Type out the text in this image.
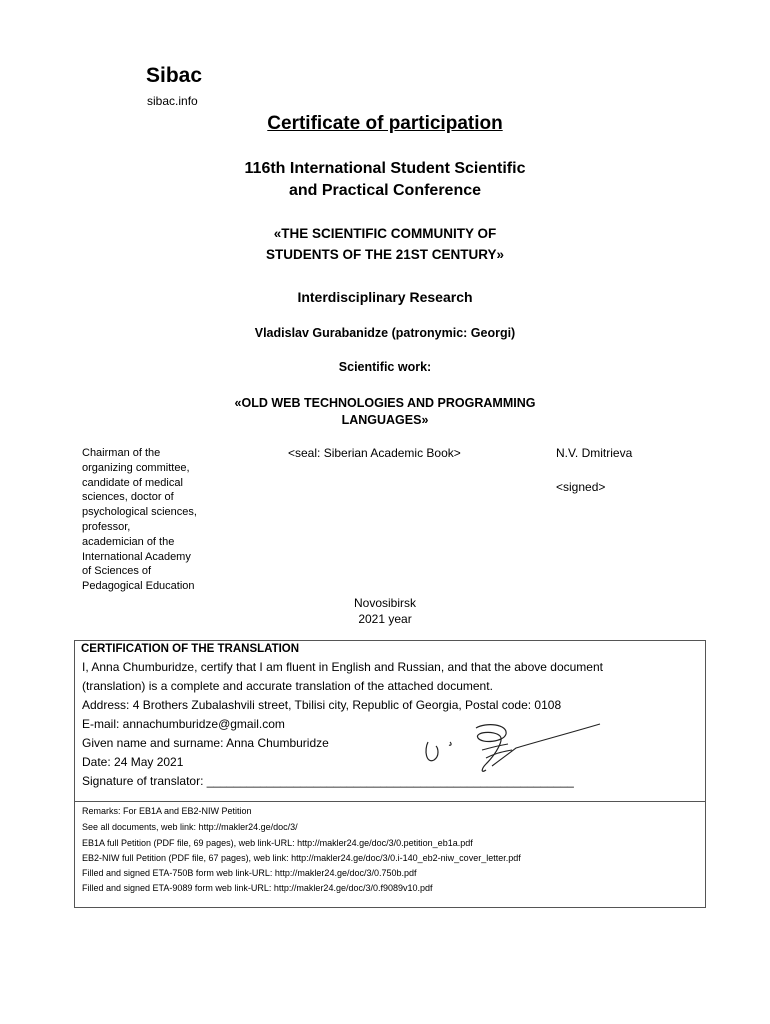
Sibac
sibac.info
Certificate of participation
116th International Student Scientific
and Practical Conference
«THE SCIENTIFIC COMMUNITY OF
STUDENTS OF THE 21ST CENTURY»
Interdisciplinary Research
Vladislav Gurabanidze (patronymic: Georgi)
Scientific work:
«OLD WEB TECHNOLOGIES AND PROGRAMMING
LANGUAGES»
Chairman of the
organizing committee,
candidate of medical
sciences, doctor of
psychological sciences,
professor,
academician of the
International Academy
of Sciences of
Pedagogical Education
<seal: Siberian Academic Book>	N.V. Dmitrieva
<signed>
Novosibirsk
2021 year
CERTIFICATION OF THE TRANSLATION
I, Anna Chumburidze, certify that I am fluent in English and Russian, and that the above document
(translation) is a complete and accurate translation of the attached document.
Address: 4 Brothers Zubalashvili street, Tbilisi city, Republic of Georgia, Postal code: 0108
E-mail: annachumburidze@gmail.com
Given name and surname: Anna Chumburidze
Date: 24 May 2021
Signature of translator: _______________________________________________________
Remarks: For EB1A and EB2-NIW Petition
See all documents, web link: http://makler24.ge/doc/3/
EB1A full Petition (PDF file, 69 pages), web link-URL: http://makler24.ge/doc/3/0.petition_eb1a.pdf
EB2-NIW full Petition (PDF file, 67 pages), web link: http://makler24.ge/doc/3/0.i-140_eb2-niw_cover_letter.pdf
Filled and signed ETA-750B form web link-URL: http://makler24.ge/doc/3/0.750b.pdf
Filled and signed ETA-9089 form web link-URL: http://makler24.ge/doc/3/0.f9089v10.pdf
